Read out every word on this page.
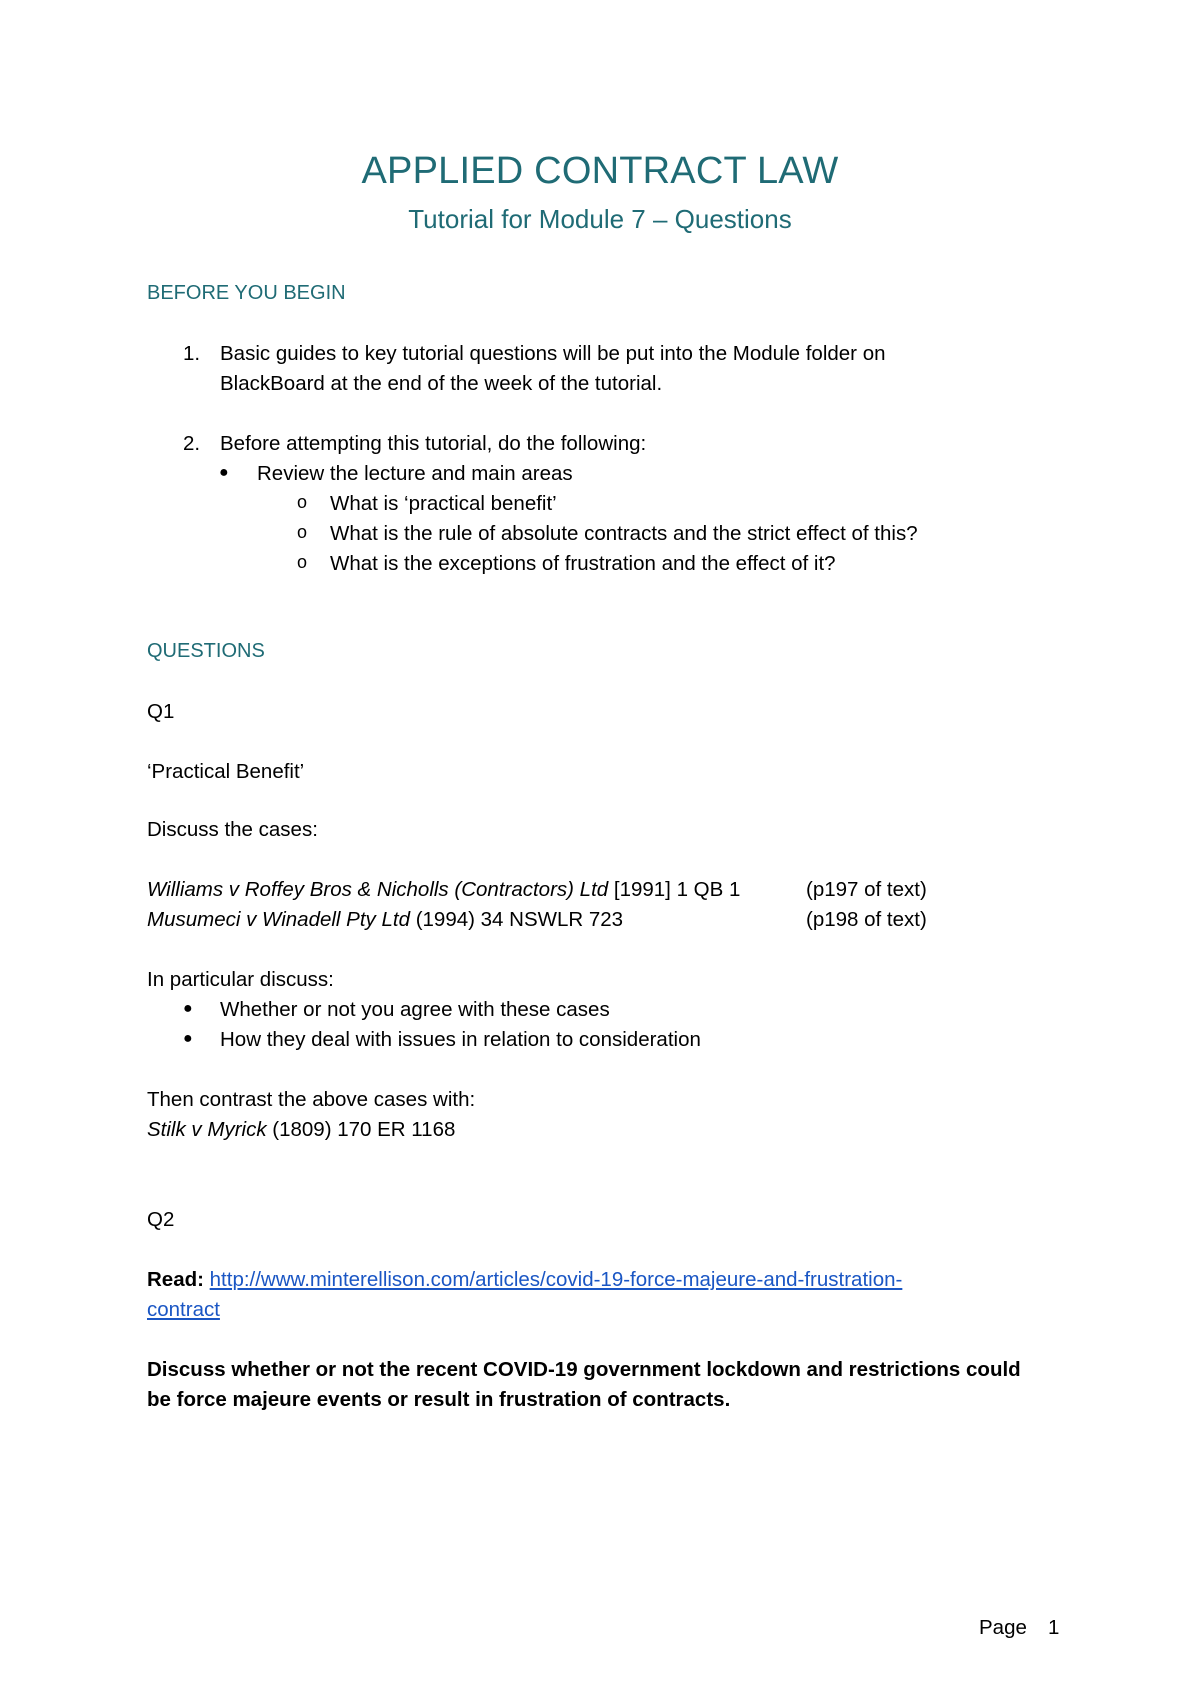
APPLIED CONTRACT LAW
Tutorial for Module 7 – Questions
BEFORE YOU BEGIN
1. Basic guides to key tutorial questions will be put into the Module folder on
BlackBoard at the end of the week of the tutorial.
2. Before attempting this tutorial, do the following:
● Review the lecture and main areas
o What is ‘practical benefit’
o What is the rule of absolute contracts and the strict effect of this?
o What is the exceptions of frustration and the effect of it?
QUESTIONS
Q1
‘Practical Benefit’
Discuss the cases:
Williams v Roffey Bros & Nicholls (Contractors) Ltd [1991] 1 QB 1	(p197 of text)
Musumeci v Winadell Pty Ltd (1994) 34 NSWLR 723	(p198 of text)
In particular discuss:
● Whether or not you agree with these cases
● How they deal with issues in relation to consideration
Then contrast the above cases with:
Stilk v Myrick (1809) 170 ER 1168
Q2
Read: http://www.minterellison.com/articles/covid-19-force-majeure-and-frustration-
contract
Discuss whether or not the recent COVID-19 government lockdown and restrictions could
be force majeure events or result in frustration of contracts.
Page 1
